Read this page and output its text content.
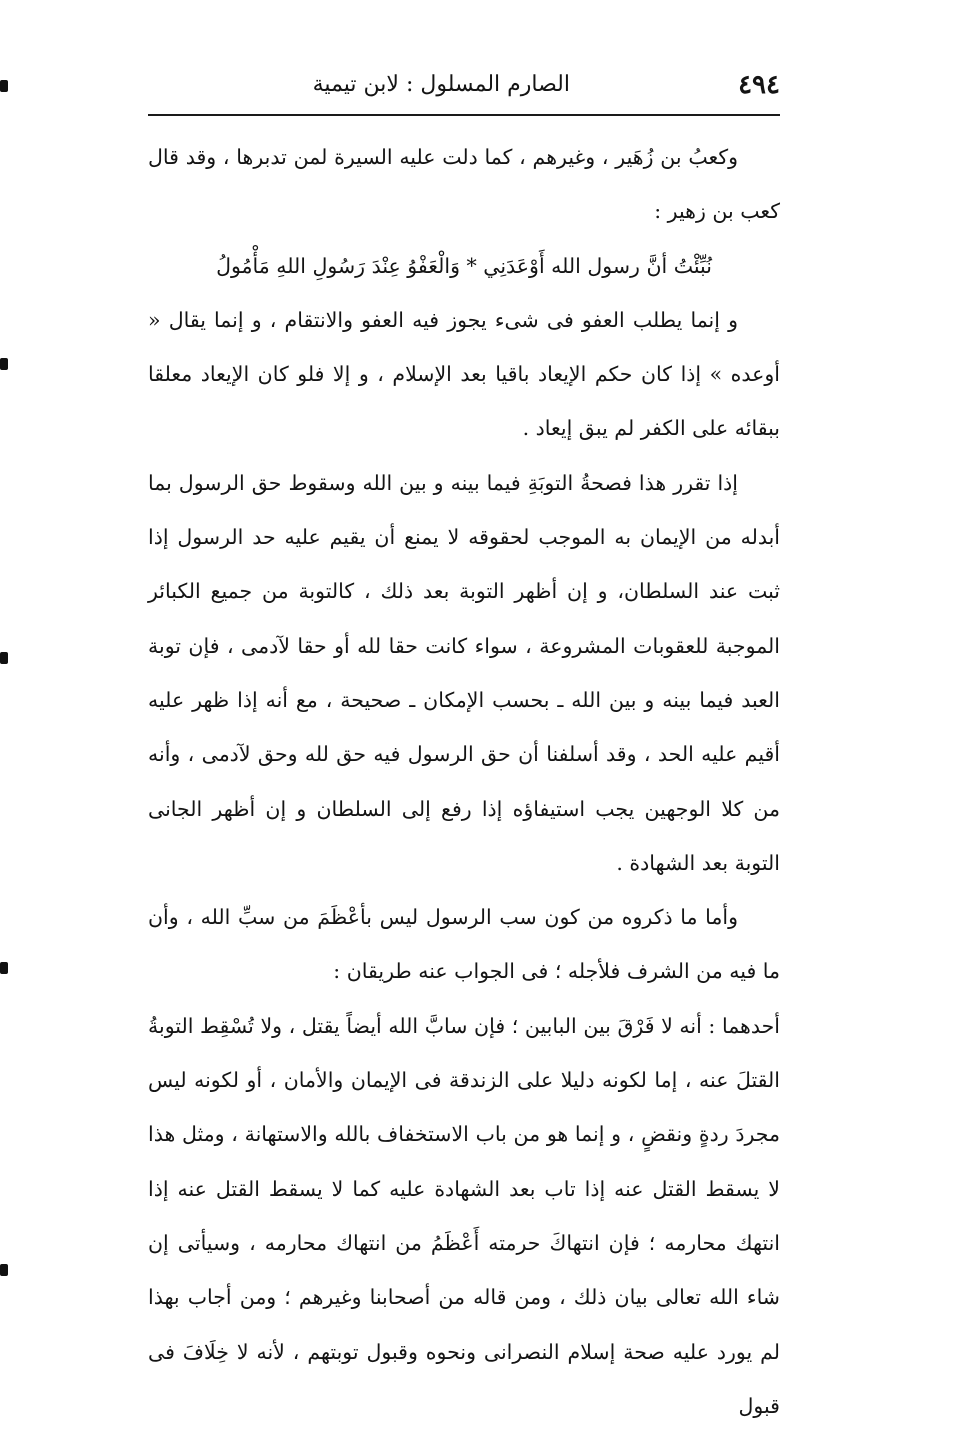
٤٩٤
الصارم المسلول : لابن تيمية

وكعبُ بن زُهَير ، وغيرهم ، كما دلت عليه السيرة لمن تدبرها ، وقد قال كعب بن زهير :

نُبِّئْتُ أنَّ رسول الله أَوْعَدَنِي * وَالْعَفْوُ عِنْدَ رَسُولِ اللهِ مَأْمُولُ

و إنما يطلب العفو فى شىء يجوز فيه العفو والانتقام ، و إنما يقال « أوعده » إذا كان حكم الإيعاد باقيا بعد الإسلام ، و إلا فلو كان الإيعاد معلقا ببقائه على الكفر لم يبق إيعاد .

إذا تقرر هذا فصحةُ التوبَةِ فيما بينه و بين الله وسقوط حق الرسول بما أبدله من الإيمان به الموجب لحقوقه لا يمنع أن يقيم عليه حد الرسول إذا ثبت عند السلطان، و إن أظهر التوبة بعد ذلك ، كالتوبة من جميع الكبائر الموجبة للعقوبات المشروعة ، سواء كانت حقا لله أو حقا لآدمى ، فإن توبة العبد فيما بينه و بين الله ـ بحسب الإمكان ـ صحيحة ، مع أنه إذا ظهر عليه أقيم عليه الحد ، وقد أسلفنا أن حق الرسول فيه حق لله وحق لآدمى ، وأنه من كلا الوجهين يجب استيفاؤه إذا رفع إلى السلطان و إن أظهر الجانى التوبة بعد الشهادة .

وأما ما ذكروه من كون سب الرسول ليس بأعْظَمَ من سبِّ الله ، وأن ما فيه من الشرف فلأجله ؛ فى الجواب عنه طريقان :

أحدهما : أنه لا فَرْقَ بين البابين ؛ فإن سابَّ الله أيضاً يقتل ، ولا تُسْقِط التوبةُ القتلَ عنه ، إما لكونه دليلا على الزندقة فى الإيمان والأمان ، أو لكونه ليس مجردَ ردةٍ ونقضٍ ، و إنما هو من باب الاستخفاف بالله والاستهانة ، ومثل هذا لا يسقط القتل عنه إذا تاب بعد الشهادة عليه كما لا يسقط القتل عنه إذا انتهك محارمه ؛ فإن انتهاكَ حرمته أَعْظَمُ من انتهاك محارمه ، وسيأتى إن شاء الله تعالى بيان ذلك ، ومن قاله من أصحابنا وغيرهم ؛ ومن أجاب بهذا لم يورد عليه صحة إسلام النصرانى ونحوه وقبول توبتهم ، لأنه لا خِلَافَ فى قبول
